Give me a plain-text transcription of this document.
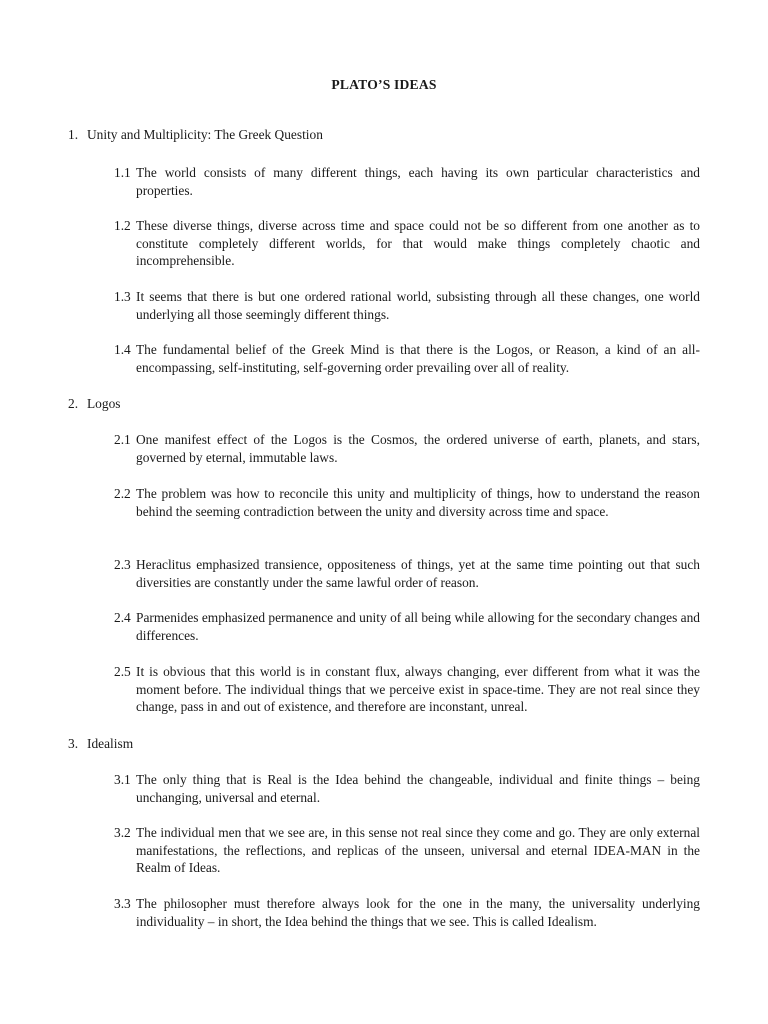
PLATO’S IDEAS
1. Unity and Multiplicity: The Greek Question
1.1 The world consists of many different things, each having its own particular characteristics and properties.
1.2 These diverse things, diverse across time and space could not be so different from one another as to constitute completely different worlds, for that would make things completely chaotic and incomprehensible.
1.3 It seems that there is but one ordered rational world, subsisting through all these changes, one world underlying all those seemingly different things.
1.4 The fundamental belief of the Greek Mind is that there is the Logos, or Reason, a kind of an all-encompassing, self-instituting, self-governing order prevailing over all of reality.
2. Logos
2.1 One manifest effect of the Logos is the Cosmos, the ordered universe of earth, planets, and stars, governed by eternal, immutable laws.
2.2 The problem was how to reconcile this unity and multiplicity of things, how to understand the reason behind the seeming contradiction between the unity and diversity across time and space.
2.3 Heraclitus emphasized transience, oppositeness of things, yet at the same time pointing out that such diversities are constantly under the same lawful order of reason.
2.4 Parmenides emphasized permanence and unity of all being while allowing for the secondary changes and differences.
2.5 It is obvious that this world is in constant flux, always changing, ever different from what it was the moment before. The individual things that we perceive exist in space-time. They are not real since they change, pass in and out of existence, and therefore are inconstant, unreal.
3. Idealism
3.1 The only thing that is Real is the Idea behind the changeable, individual and finite things – being unchanging, universal and eternal.
3.2 The individual men that we see are, in this sense not real since they come and go. They are only external manifestations, the reflections, and replicas of the unseen, universal and eternal IDEA-MAN in the Realm of Ideas.
3.3 The philosopher must therefore always look for the one in the many, the universality underlying individuality – in short, the Idea behind the things that we see. This is called Idealism.
